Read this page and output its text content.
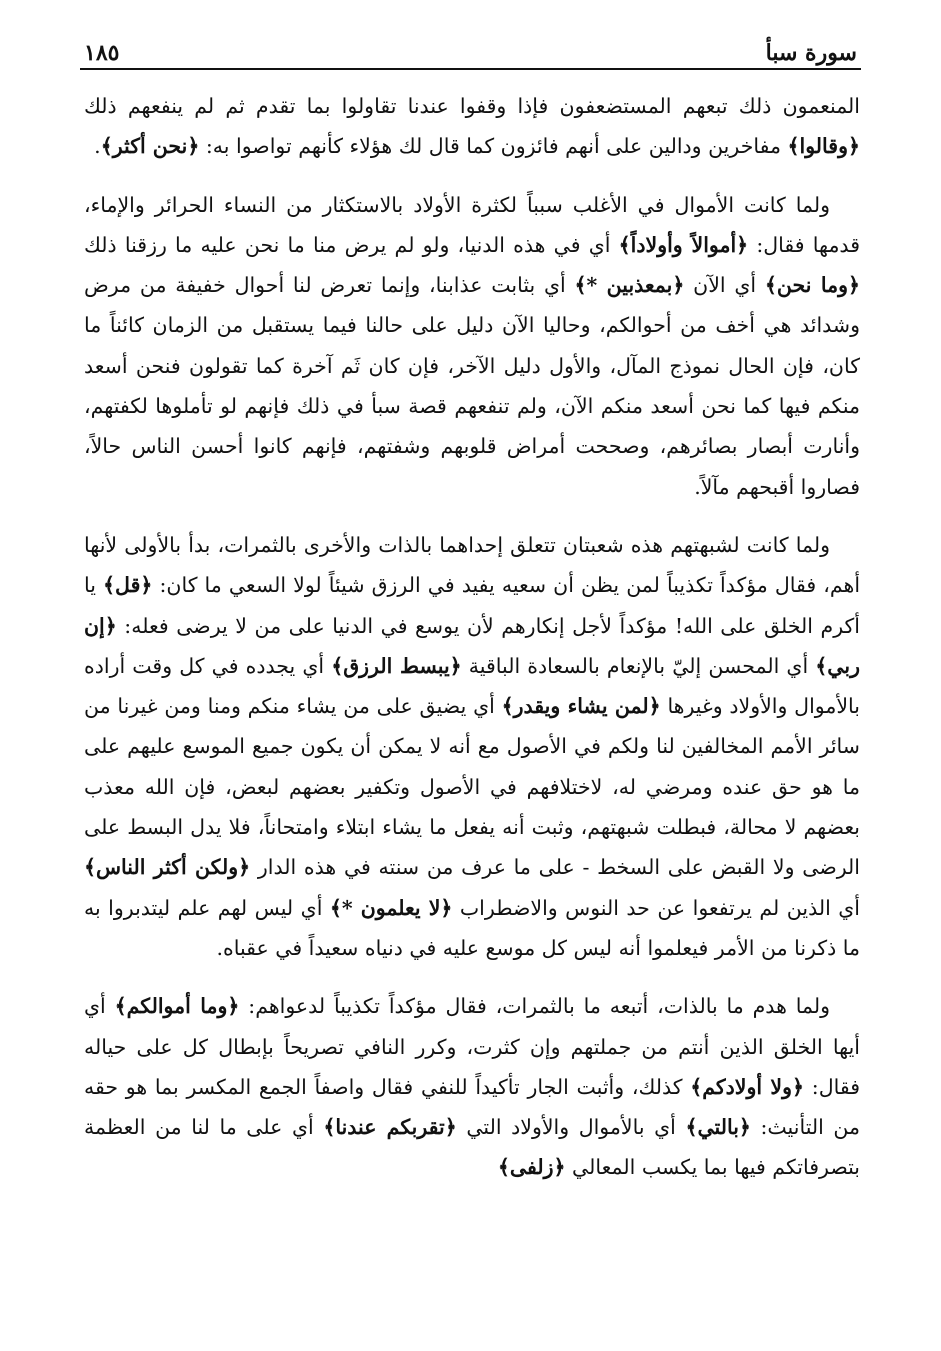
سورة سبأ
١٨٥

المنعمون ذلك تبعهم المستضعفون فإذا وقفوا عندنا تقاولوا بما تقدم ثم لم ينفعهم ذلك ﴿وقالوا﴾ مفاخرين ودالين على أنهم فائزون كما قال لك هؤلاء كأنهم تواصوا به: ﴿نحن أكثر﴾.

ولما كانت الأموال في الأغلب سبباً لكثرة الأولاد بالاستكثار من النساء الحرائر والإماء، قدمها فقال: ﴿أموالاً وأولاداً﴾ أي في هذه الدنيا، ولو لم يرض منا ما نحن عليه ما رزقنا ذلك ﴿وما نحن﴾ أي الآن ﴿بمعذبين *﴾ أي بثابت عذابنا، وإنما تعرض لنا أحوال خفيفة من مرض وشدائد هي أخف من أحوالكم، وحاليا الآن دليل على حالنا فيما يستقبل من الزمان كائناً ما كان، فإن الحال نموذج المآل، والأول دليل الآخر، فإن كان ثَم آخرة كما تقولون فنحن أسعد منكم فيها كما نحن أسعد منكم الآن، ولم تنفعهم قصة سبأ في ذلك فإنهم لو تأملوها لكفتهم، وأنارت أبصار بصائرهم، وصححت أمراض قلوبهم وشفتهم، فإنهم كانوا أحسن الناس حالاً، فصاروا أقبحهم مآلاً.

ولما كانت لشبهتهم هذه شعبتان تتعلق إحداهما بالذات والأخرى بالثمرات، بدأ بالأولى لأنها أهم، فقال مؤكداً تكذيباً لمن يظن أن سعيه يفيد في الرزق شيئاً لولا السعي ما كان: ﴿قل﴾ يا أكرم الخلق على الله! مؤكداً لأجل إنكارهم لأن يوسع في الدنيا على من لا يرضى فعله: ﴿إن ربي﴾ أي المحسن إليّ بالإنعام بالسعادة الباقية ﴿يبسط الرزق﴾ أي يجدده في كل وقت أراده بالأموال والأولاد وغيرها ﴿لمن يشاء ويقدر﴾ أي يضيق على من يشاء منكم ومنا ومن غيرنا من سائر الأمم المخالفين لنا ولكم في الأصول مع أنه لا يمكن أن يكون جميع الموسع عليهم على ما هو حق عنده ومرضي له، لاختلافهم في الأصول وتكفير بعضهم لبعض، فإن الله معذب بعضهم لا محالة، فبطلت شبهتهم، وثبت أنه يفعل ما يشاء ابتلاء وامتحاناً، فلا يدل البسط على الرضى ولا القبض على السخط - على ما عرف من سنته في هذه الدار ﴿ولكن أكثر الناس﴾ أي الذين لم يرتفعوا عن حد النوس والاضطراب ﴿لا يعلمون *﴾ أي ليس لهم علم ليتدبروا به ما ذكرنا من الأمر فيعلموا أنه ليس كل موسع عليه في دنياه سعيداً في عقباه.

ولما هدم ما بالذات، أتبعه ما بالثمرات، فقال مؤكداً تكذيباً لدعواهم: ﴿وما أموالكم﴾ أي أيها الخلق الذين أنتم من جملتهم وإن كثرت، وكرر النافي تصريحاً بإبطال كل على حياله فقال: ﴿ولا أولادكم﴾ كذلك، وأثبت الجار تأكيداً للنفي فقال واصفاً الجمع المكسر بما هو حقه من التأنيث: ﴿بالتي﴾ أي بالأموال والأولاد التي ﴿تقربكم عندنا﴾ أي على ما لنا من العظمة بتصرفاتكم فيها بما يكسب المعالي ﴿زلفى﴾
